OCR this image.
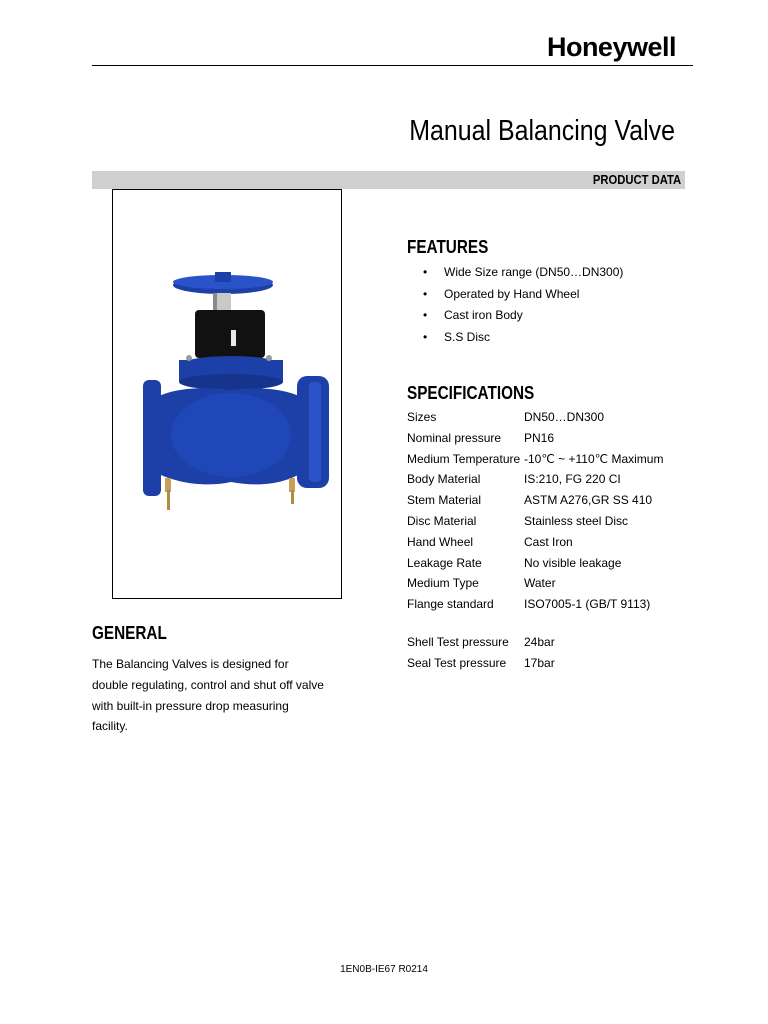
Honeywell
Manual Balancing Valve
PRODUCT DATA
FEATURES
• Wide Size range (DN50…DN300)
• Operated by Hand Wheel
• Cast iron Body
• S.S Disc
SPECIFICATIONS
Sizes	DN50…DN300
Nominal pressure	PN16
Medium Temperature	-10℃ ~ +110℃ Maximum
Body Material	IS:210, FG 220 CI
Stem Material	ASTM A276,GR SS 410
Disc Material	Stainless steel Disc
Hand Wheel	Cast Iron
Leakage Rate	No visible leakage
Medium Type	Water
Flange standard	ISO7005-1 (GB/T 9113)
Shell Test pressure	24bar
Seal Test pressure	17bar
GENERAL
The Balancing Valves is designed for
double regulating, control and shut off valve
with built-in pressure drop measuring
facility.
1EN0B-IE67 R0214
